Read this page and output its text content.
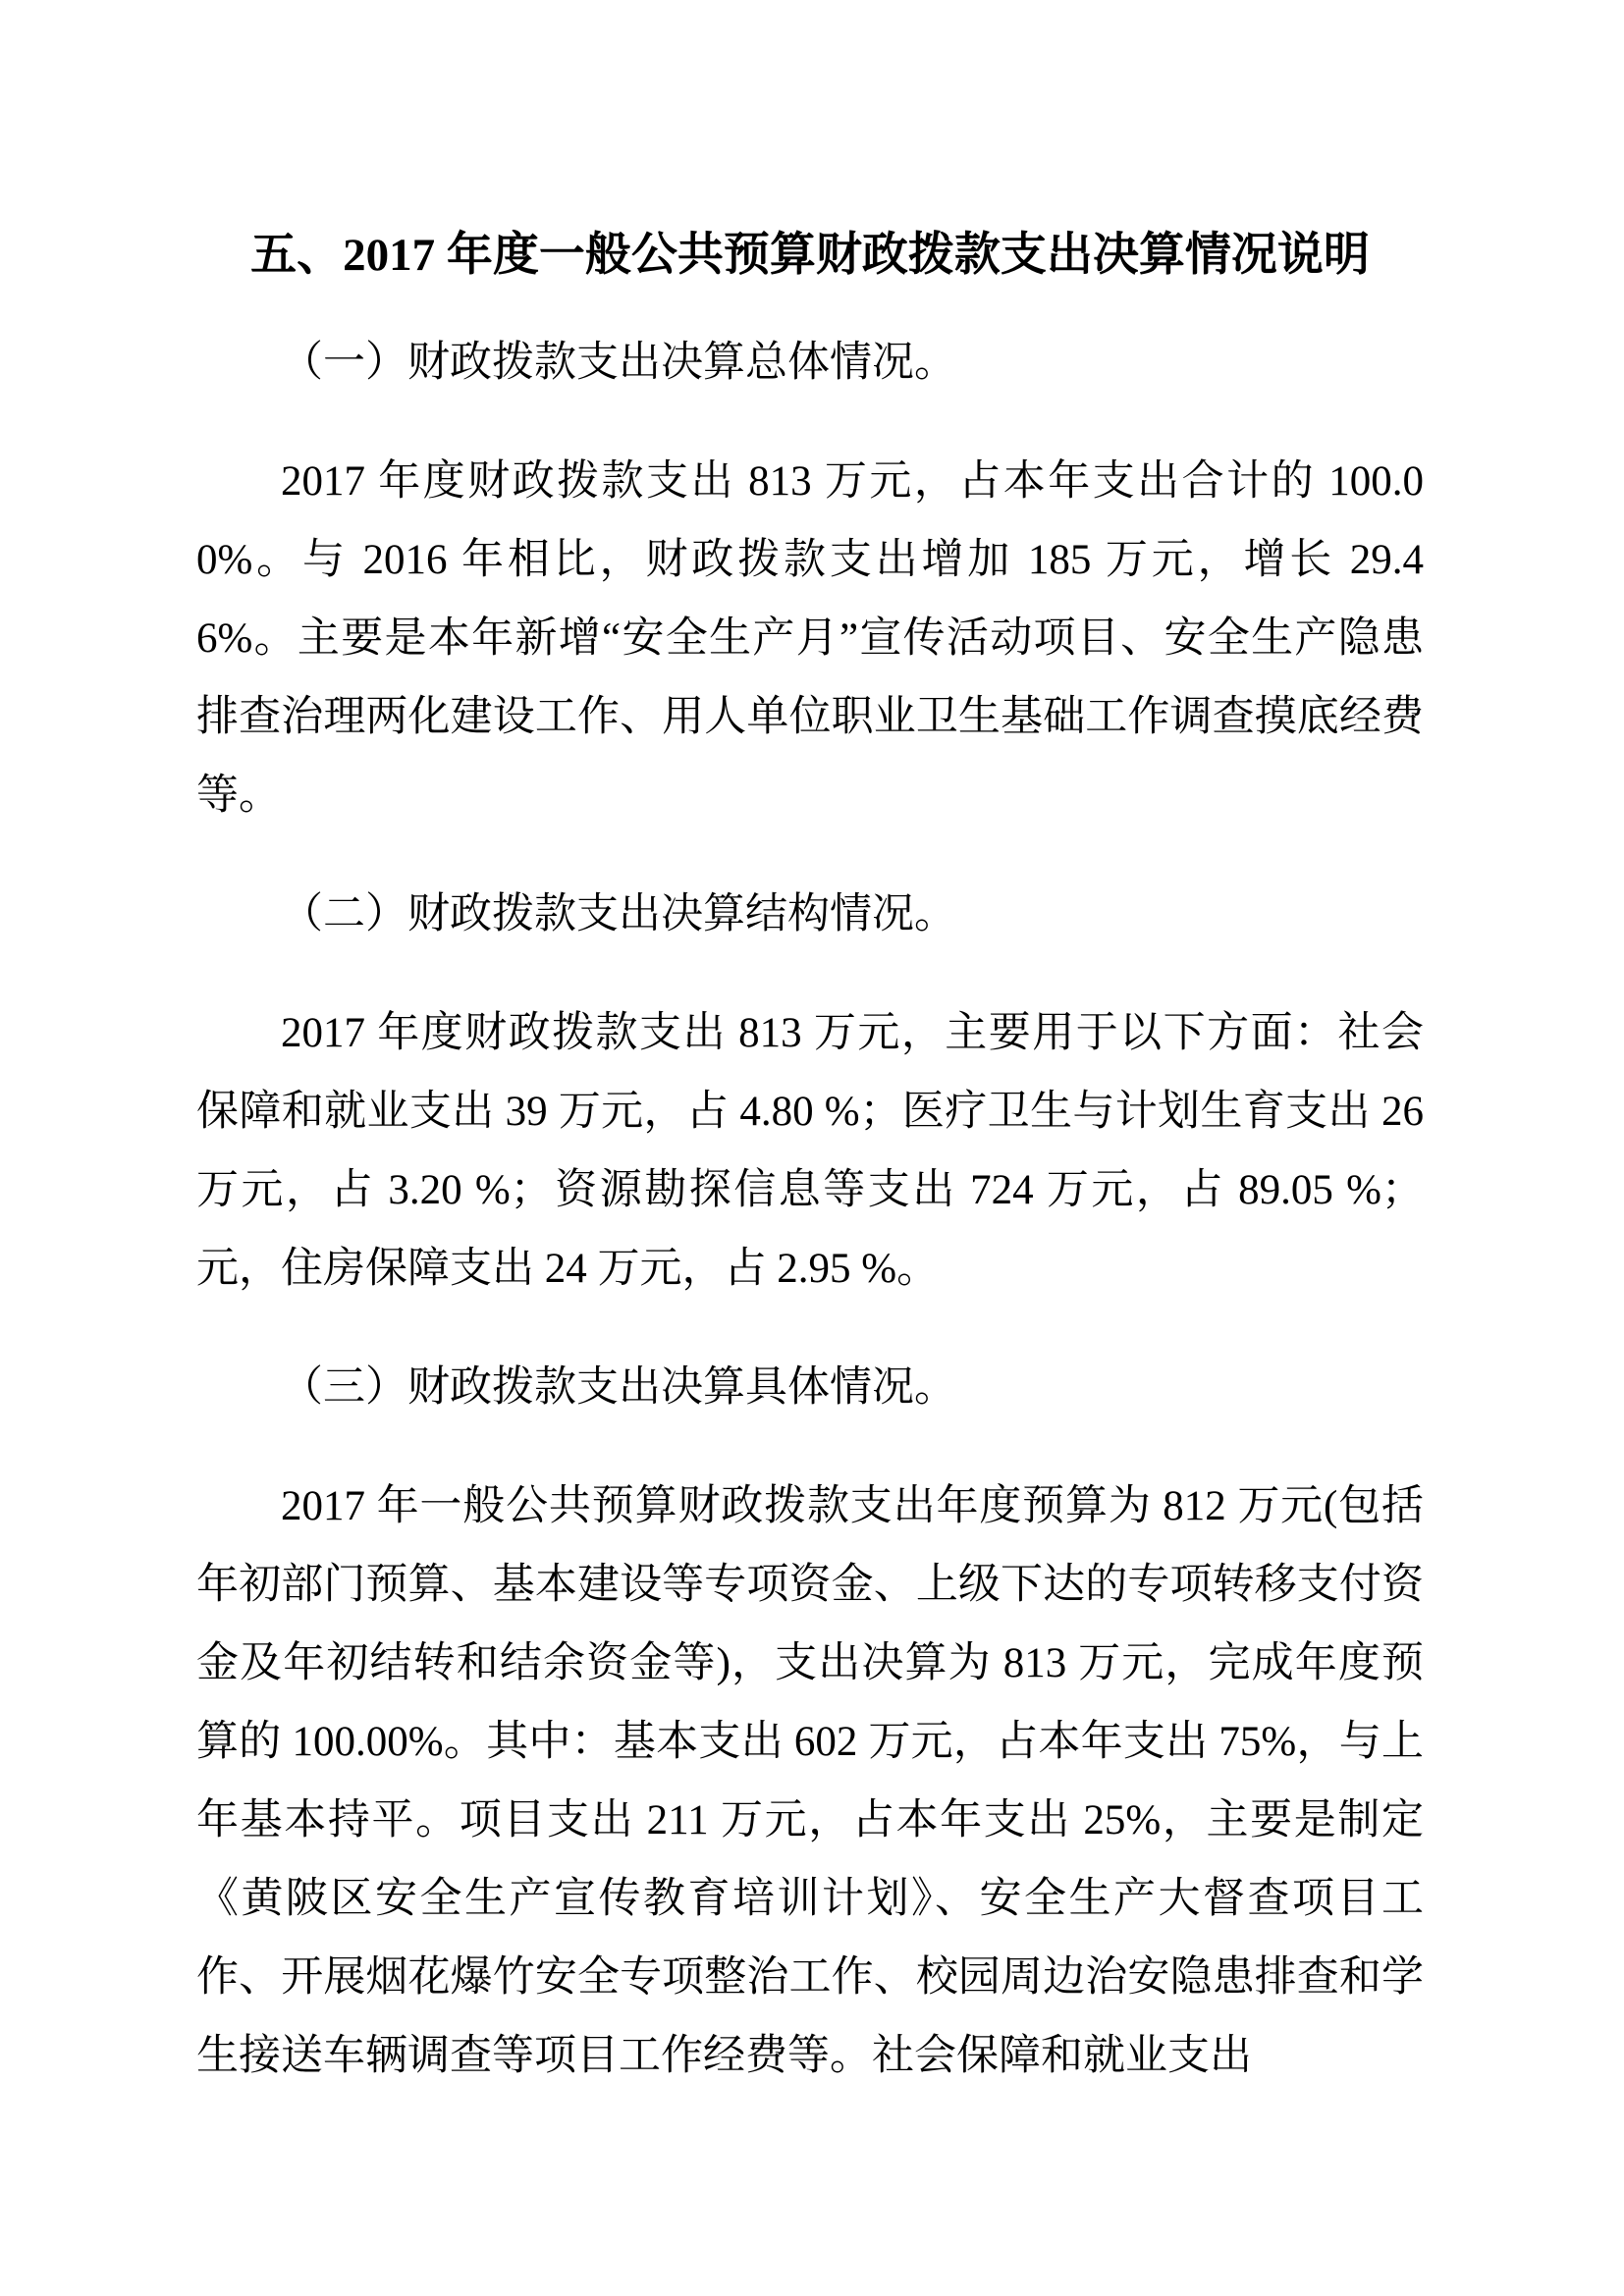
五、2017 年度一般公共预算财政拨款支出决算情况说明

（一）财政拨款支出决算总体情况。

2017 年度财政拨款支出 813 万元，占本年支出合计的 100.00%。与 2016 年相比，财政拨款支出增加 185 万元，增长 29.46%。主要是本年新增“安全生产月”宣传活动项目、安全生产隐患排查治理两化建设工作、用人单位职业卫生基础工作调查摸底经费等。

（二）财政拨款支出决算结构情况。

2017 年度财政拨款支出 813 万元，主要用于以下方面：社会保障和就业支出 39 万元，占 4.80 %；医疗卫生与计划生育支出 26 万元，占 3.20 %；资源勘探信息等支出 724 万元，占 89.05 %；元，住房保障支出 24 万元，占 2.95 %。

（三）财政拨款支出决算具体情况。

2017 年一般公共预算财政拨款支出年度预算为 812 万元(包括年初部门预算、基本建设等专项资金、上级下达的专项转移支付资金及年初结转和结余资金等)，支出决算为 813 万元，完成年度预算的 100.00%。其中：基本支出 602 万元，占本年支出 75%，与上年基本持平。项目支出 211 万元，占本年支出 25%，主要是制定《黄陂区安全生产宣传教育培训计划》、安全生产大督查项目工作、开展烟花爆竹安全专项整治工作、校园周边治安隐患排查和学生接送车辆调查等项目工作经费等。社会保障和就业支出
